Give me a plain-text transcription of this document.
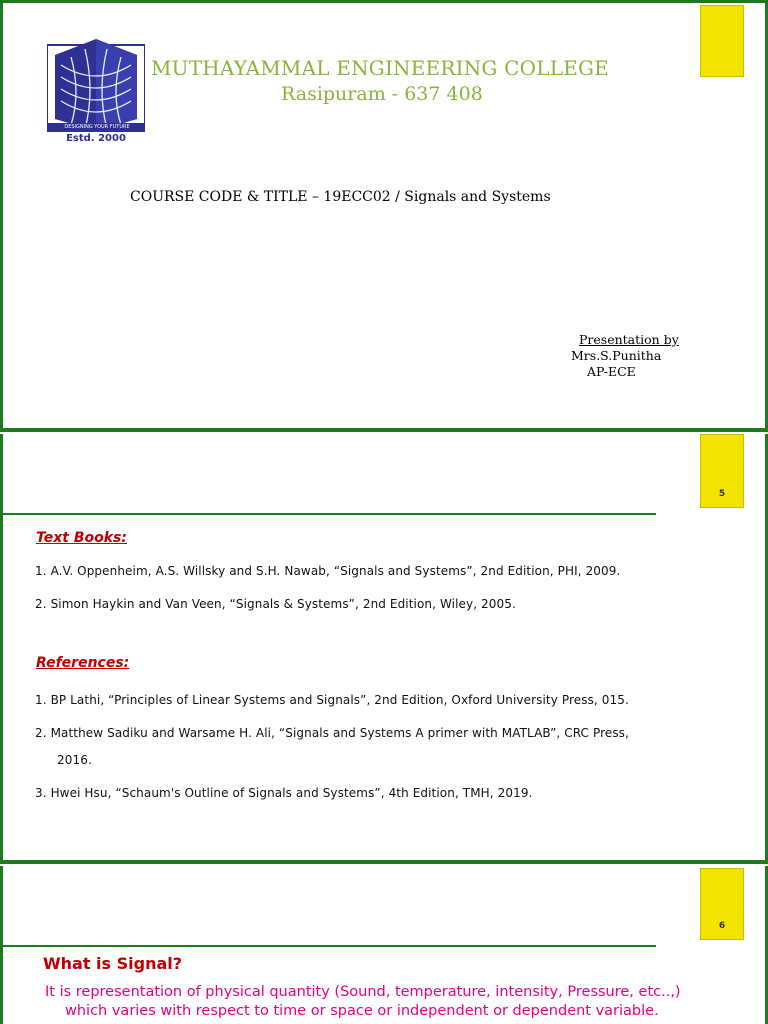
DESIGNING YOUR FUTURE
Estd. 2000
MUTHAYAMMAL ENGINEERING COLLEGE
Rasipuram - 637 408
COURSE CODE & TITLE – 19ECC02 / Signals and Systems
Presentation by
Mrs.S.Punitha
AP-ECE
5
Text Books:
1. A.V. Oppenheim, A.S. Willsky and S.H. Nawab, “Signals and Systems”, 2nd Edition, PHI, 2009.
2. Simon Haykin and Van Veen, “Signals & Systems”, 2nd Edition, Wiley, 2005.
References:
1. BP Lathi, “Principles of Linear Systems and Signals”, 2nd Edition, Oxford University Press, 015.
2. Matthew Sadiku and Warsame H. Ali, “Signals and Systems A primer with MATLAB”, CRC Press,
2016.
3. Hwei Hsu, “Schaum's Outline of Signals and Systems”, 4th Edition, TMH, 2019.
6
What is Signal?
It is representation of physical quantity (Sound, temperature, intensity, Pressure, etc..,)
which varies with respect to time or space or independent or dependent variable.
